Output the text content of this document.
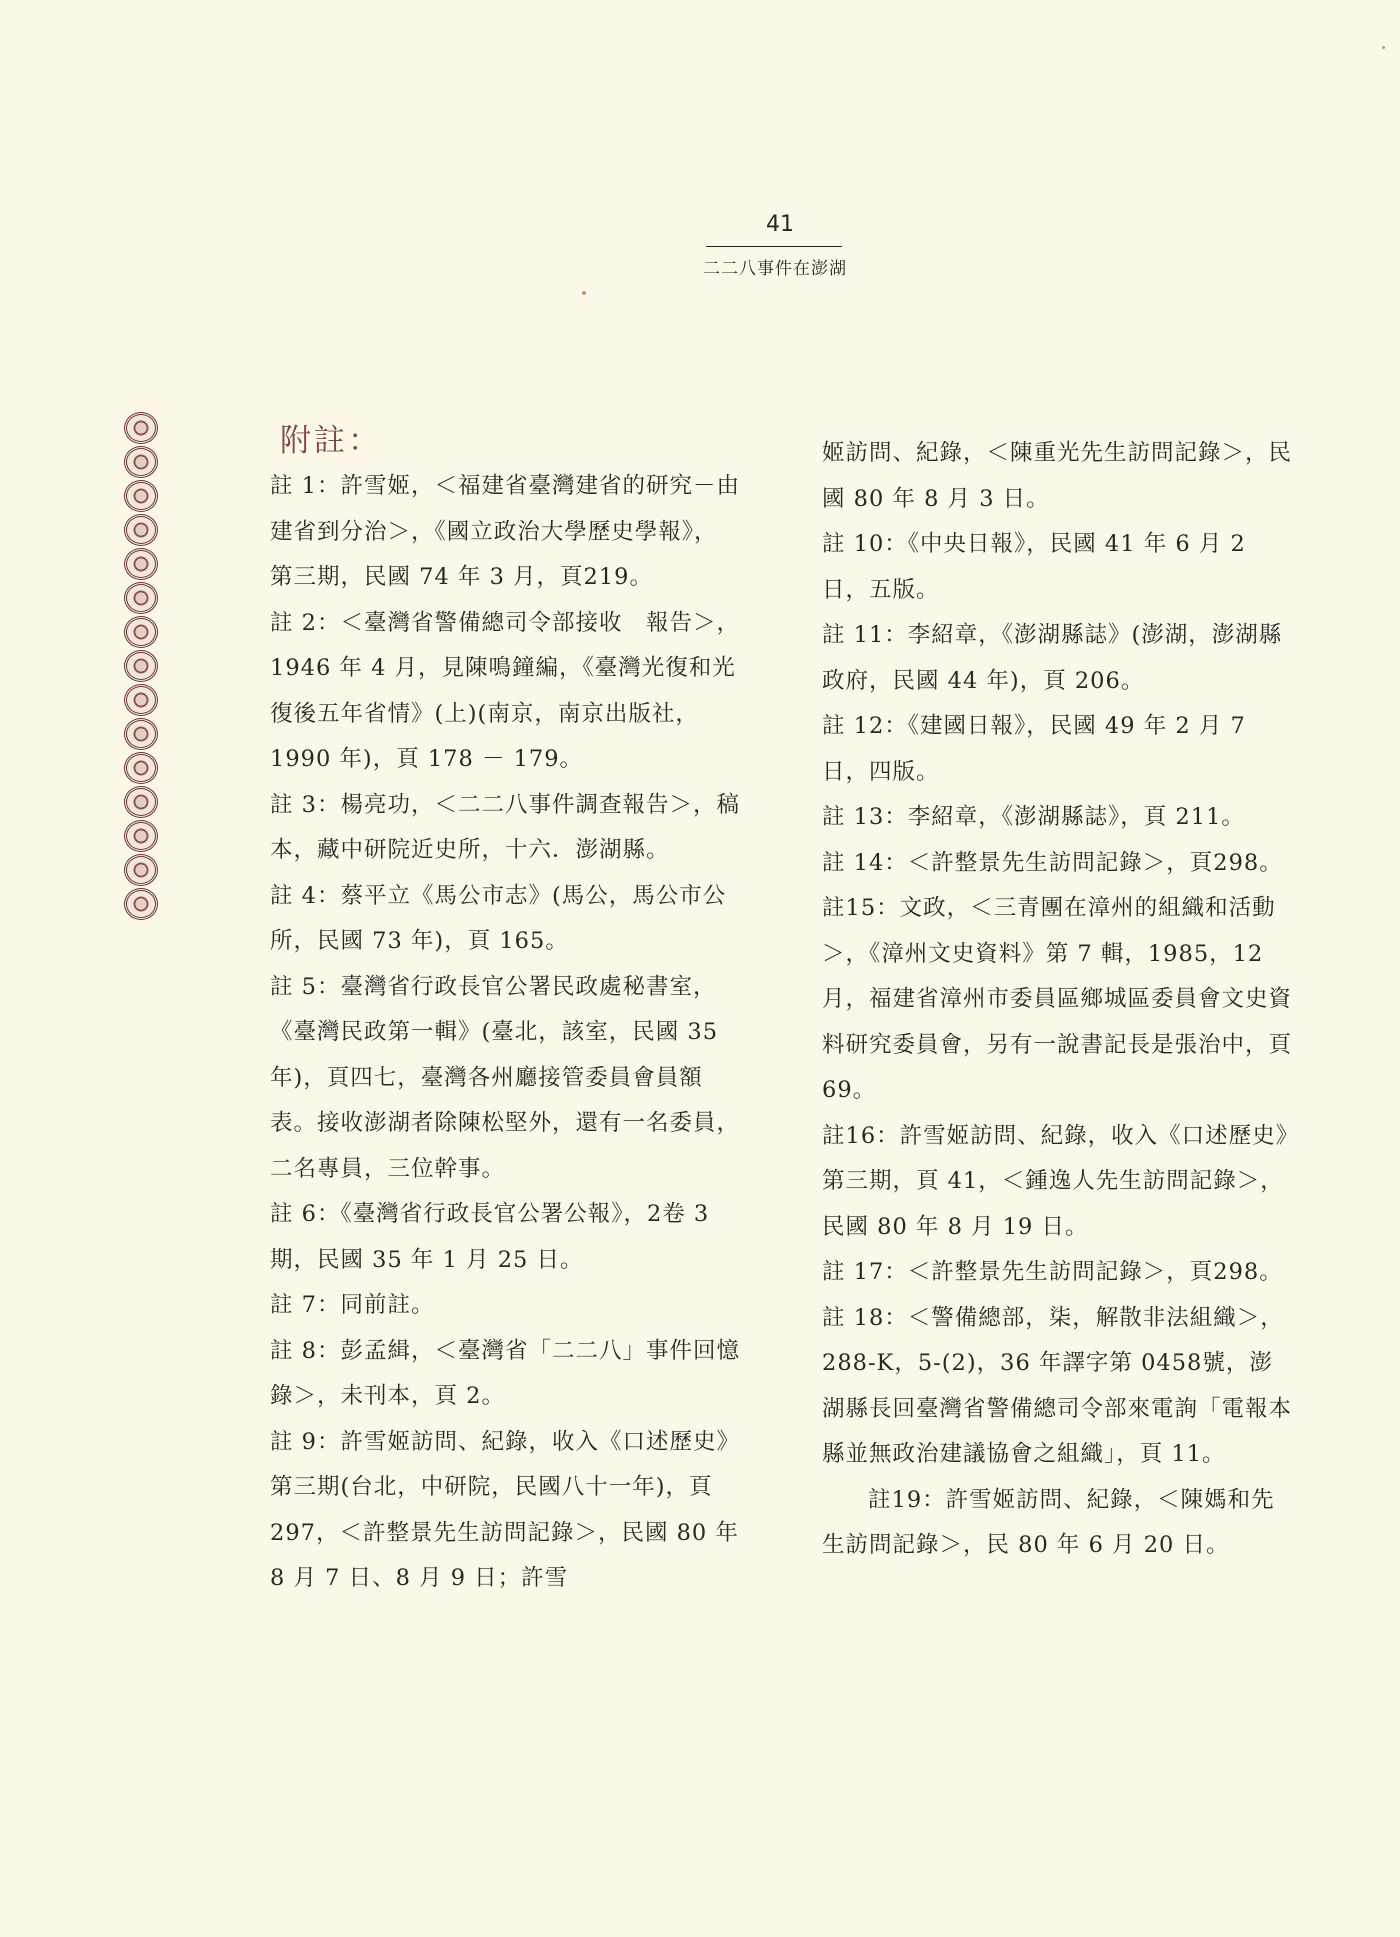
41
二二八事件在澎湖
附註：

註 1：許雪姬，＜福建省臺灣建省的研究－由建省到分治＞，《國立政治大學歷史學報》，第三期，民國 74 年 3 月，頁219。

註 2：＜臺灣省警備總司令部接收　報告＞，1946 年 4 月，見陳鳴鐘編，《臺灣光復和光復後五年省情》(上)(南京，南京出版社，1990 年)，頁 178 － 179。

註 3：楊亮功，＜二二八事件調查報告＞，稿本，藏中研院近史所，十六．澎湖縣。

註 4：蔡平立《馬公市志》(馬公，馬公市公所，民國 73 年)，頁 165。

註 5：臺灣省行政長官公署民政處秘書室，《臺灣民政第一輯》(臺北，該室，民國 35 年)，頁四七，臺灣各州廳接管委員會員額表。接收澎湖者除陳松堅外，還有一名委員，二名專員，三位幹事。

註 6：《臺灣省行政長官公署公報》，2卷 3 期，民國 35 年 1 月 25 日。

註 7：同前註。

註 8：彭孟緝，＜臺灣省「二二八」事件回憶錄＞，未刊本，頁 2。

註 9：許雪姬訪問、紀錄，收入《口述歷史》第三期(台北，中研院，民國八十一年)，頁 297，＜許整景先生訪問記錄＞，民國 80 年 8 月 7 日、8 月 9 日；許雪

姬訪問、紀錄，＜陳重光先生訪問記錄＞，民國 80 年 8 月 3 日。

註 10：《中央日報》，民國 41 年 6 月 2日，五版。

註 11：李紹章，《澎湖縣誌》(澎湖，澎湖縣政府，民國 44 年)，頁 206。

註 12：《建國日報》，民國 49 年 2 月 7日，四版。

註 13：李紹章，《澎湖縣誌》，頁 211。

註 14：＜許整景先生訪問記錄＞，頁298。

註15：文政，＜三青團在漳州的組織和活動＞，《漳州文史資料》第 7 輯，1985，12月，福建省漳州市委員區鄉城區委員會文史資料研究委員會，另有一說書記長是張治中，頁 69。

註16：許雪姬訪問、紀錄，收入《口述歷史》第三期，頁 41，＜鍾逸人先生訪問記錄＞，民國 80 年 8 月 19 日。

註 17：＜許整景先生訪問記錄＞，頁298。

註 18：＜警備總部，柒，解散非法組織＞，288-K，5-(2)，36 年譯字第 0458號，澎湖縣長回臺灣省警備總司令部來電詢「電報本縣並無政治建議協會之組織」，頁 11。

註19：許雪姬訪問、紀錄，＜陳媽和先生訪問記錄＞，民 80 年 6 月 20 日。
